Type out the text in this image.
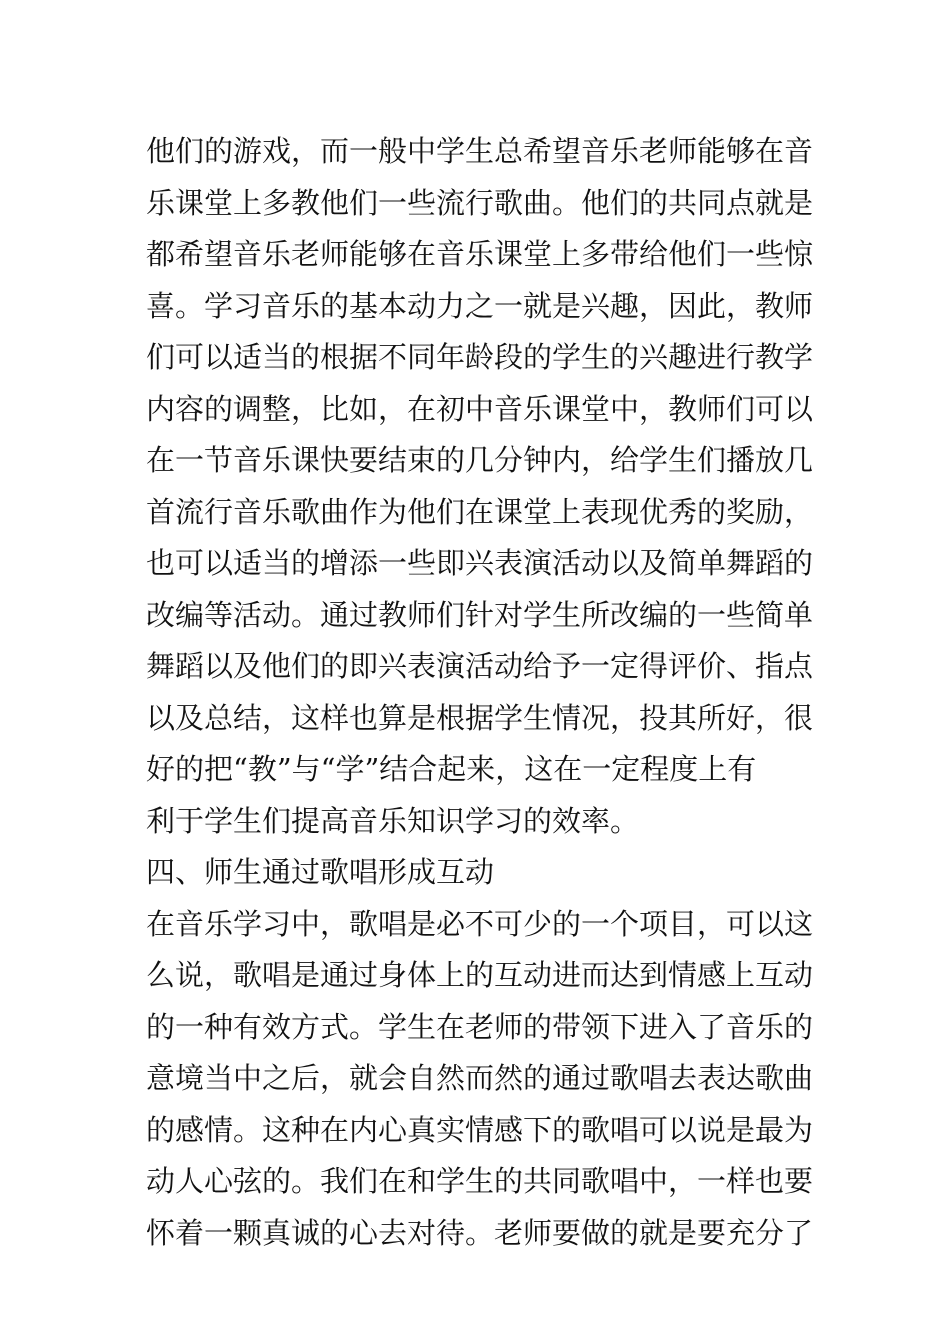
他们的游戏，而一般中学生总希望音乐老师能够在音
乐课堂上多教他们一些流行歌曲。他们的共同点就是
都希望音乐老师能够在音乐课堂上多带给他们一些惊
喜。学习音乐的基本动力之一就是兴趣，因此，教师
们可以适当的根据不同年龄段的学生的兴趣进行教学
内容的调整，比如，在初中音乐课堂中，教师们可以
在一节音乐课快要结束的几分钟内，给学生们播放几
首流行音乐歌曲作为他们在课堂上表现优秀的奖励，
也可以适当的增添一些即兴表演活动以及简单舞蹈的
改编等活动。通过教师们针对学生所改编的一些简单
舞蹈以及他们的即兴表演活动给予一定得评价、指点
以及总结，这样也算是根据学生情况，投其所好，很
好的把“教”与“学”结合起来，这在一定程度上有
利于学生们提高音乐知识学习的效率。
四、师生通过歌唱形成互动
在音乐学习中，歌唱是必不可少的一个项目，可以这
么说，歌唱是通过身体上的互动进而达到情感上互动
的一种有效方式。学生在老师的带领下进入了音乐的
意境当中之后，就会自然而然的通过歌唱去表达歌曲
的感情。这种在内心真实情感下的歌唱可以说是最为
动人心弦的。我们在和学生的共同歌唱中，一样也要
怀着一颗真诚的心去对待。老师要做的就是要充分了
